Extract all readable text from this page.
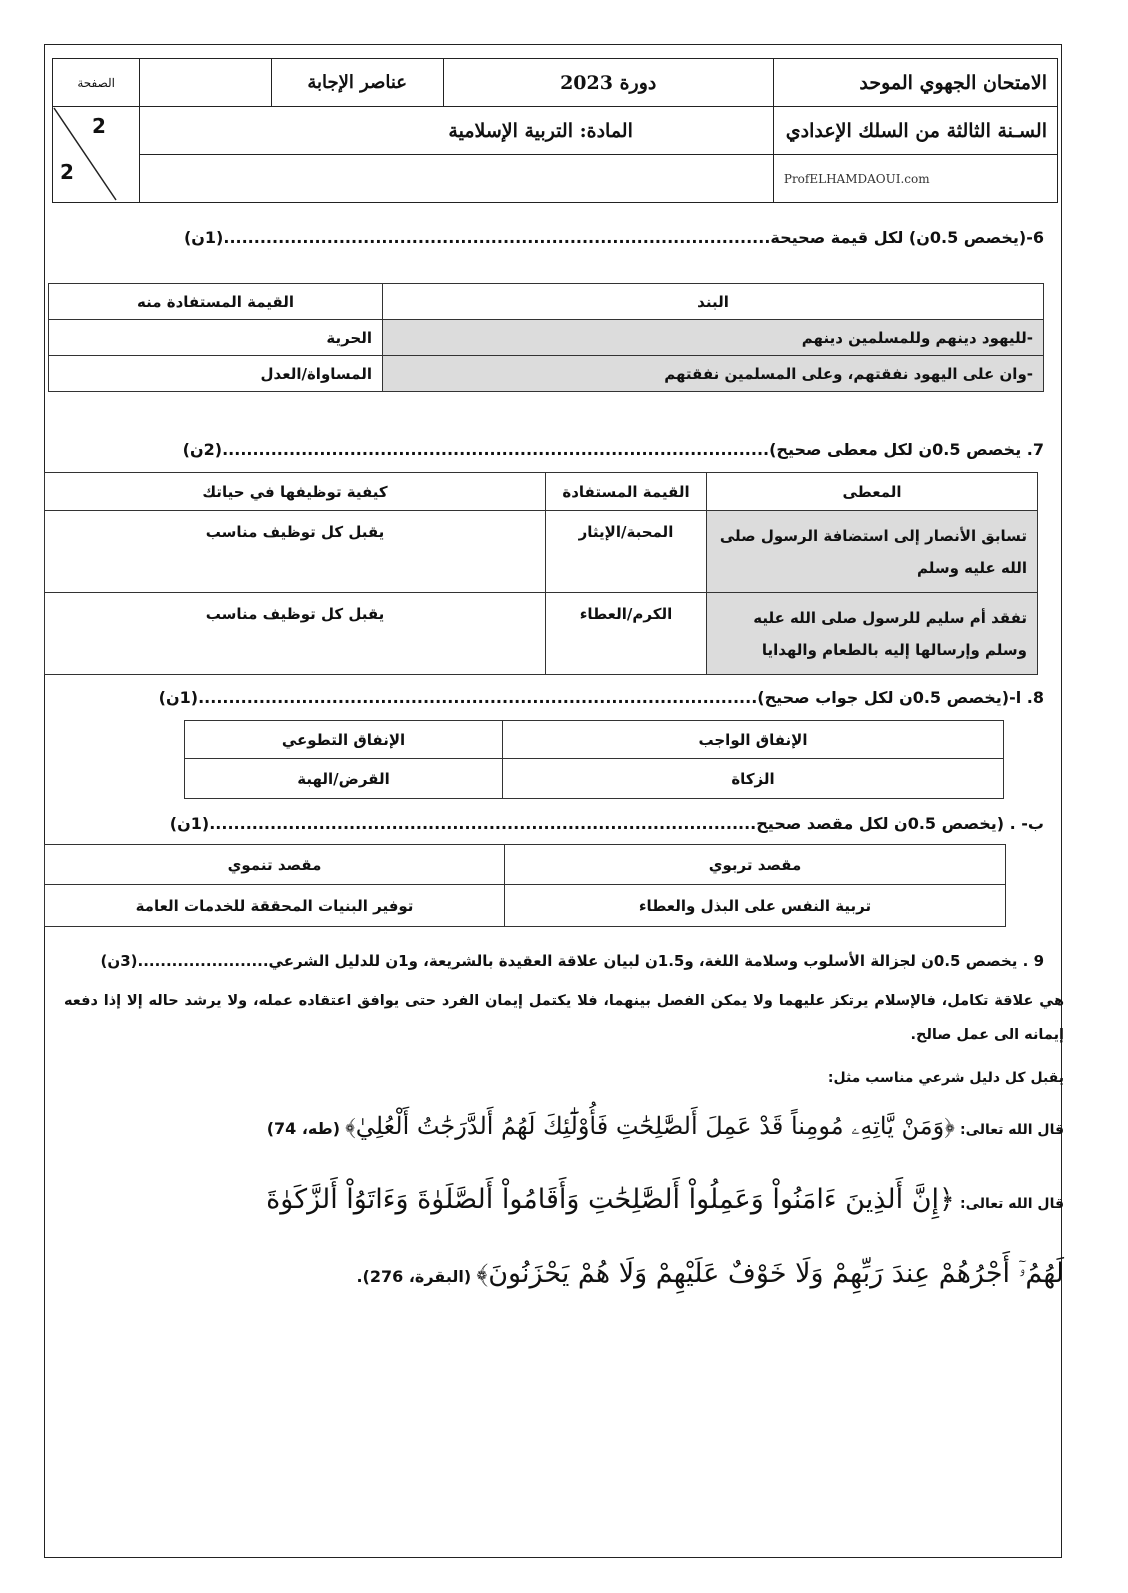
الامتحان الجهوي الموحد	دورة 2023	عناصر الإجابة		الصفحة
السـنة الثالثة من السلك الإعدادي	المادة: التربية الإسلامية			
ProfELHAMDAOUI.com				
2
2
6-(يخصص 0.5ن) لكل قيمة صحيحة..........................................................................................(1ن)
البند	القيمة المستفادة منه
-لليهود دينهم وللمسلمين دينهم	الحرية
-وان على اليهود نفقتهم، وعلى المسلمين نفقتهم	المساواة/العدل
7. يخصص 0.5ن لكل معطى صحيح)..........................................................................................(2ن)
المعطى	القيمة المستفادة	كيفية توظيفها في حياتك
تسابق الأنصار إلى استضافة الرسول صلى الله عليه وسلم	المحبة/الإيثار	يقبل كل توظيف مناسب
تفقد أم سليم للرسول صلى الله عليه وسلم وإرسالها إليه بالطعام والهدايا	الكرم/العطاء	يقبل كل توظيف مناسب
8. ا-(يخصص 0.5ن لكل جواب صحيح)............................................................................................(1ن)
الإنفاق الواجب	الإنفاق التطوعي
الزكاة	القرض/الهبة
ب- . (يخصص 0.5ن لكل مقصد صحيح..........................................................................................(1ن)
مقصد تربوي	مقصد تنموي
تربية النفس على البذل والعطاء	توفير البنيات المحققة للخدمات العامة
9 . يخصص 0.5ن لجزالة الأسلوب وسلامة اللغة، و1.5ن لبيان علاقة العقيدة بالشريعة، و1ن للدليل الشرعي.......................(3ن)
هي علاقة تكامل، فالإسلام يرتكز عليهما ولا يمكن الفصل بينهما، فلا يكتمل إيمان الفرد حتى يوافق اعتقاده عمله، ولا يرشد حاله إلا إذا دفعه إيمانه الى عمل صالح.
يقبل كل دليل شرعي مناسب مثل:
قال الله تعالى: ﴿وَمَنْ يَّاتِهِۦ مُومِناً قَدْ عَمِلَ أَلصَّٰلِحَٰتِ فَأُوْلَٰٓئِكَ لَهُمُ أَلدَّرَجَٰتُ أَلْعُلِيٰ﴾ (طه، 74)
قال الله تعالى: ﴿إِنَّ أَلذِينَ ءَامَنُواْ وَعَمِلُواْ أَلصَّٰلِحَٰتِ وَأَقَامُواْ أَلصَّلَوٰةَ وَءَاتَوُاْ أَلزَّكَوٰةَ
لَهُمُۥٓ أَجْرُهُمْ عِندَ رَبِّهِمْ وَلَا خَوْفٌ عَلَيْهِمْ وَلَا هُمْ يَحْزَنُونَ﴾ (البقرة، 276).
